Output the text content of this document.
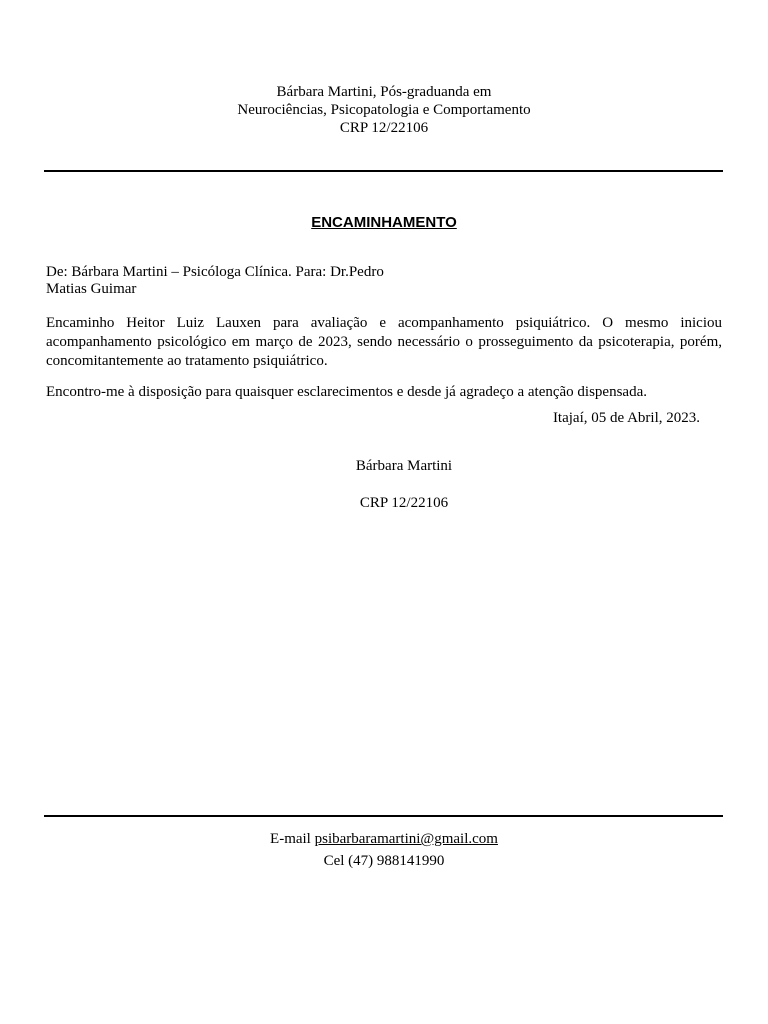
Bárbara Martini, Pós-graduanda em
Neurociências, Psicopatologia e Comportamento
CRP 12/22106
ENCAMINHAMENTO
De: Bárbara Martini – Psicóloga Clínica. Para: Dr.Pedro
Matias Guimar
Encaminho Heitor Luiz Lauxen para avaliação e acompanhamento psiquiátrico. O mesmo iniciou acompanhamento psicológico em março de 2023, sendo necessário o prosseguimento da psicoterapia, porém, concomitantemente ao tratamento psiquiátrico.
Encontro-me à disposição para quaisquer esclarecimentos e desde já agradeço a atenção dispensada.
Itajaí, 05 de Abril, 2023.
Bárbara Martini
CRP 12/22106
E-mail psibarbaramartini@gmail.com
Cel (47) 988141990
